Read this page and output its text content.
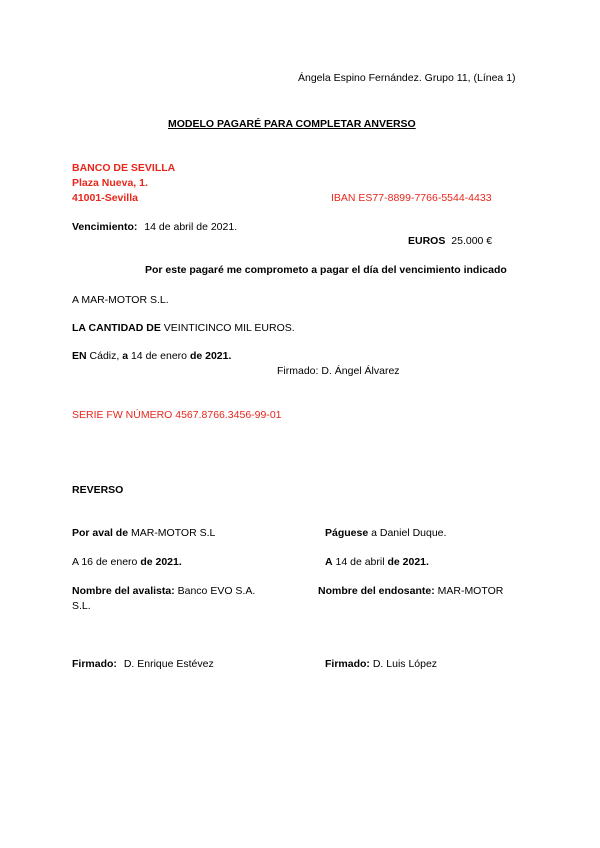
Ángela Espino Fernández. Grupo 11, (Línea 1)
MODELO PAGARÉ PARA COMPLETAR ANVERSO
BANCO DE SEVILLA
Plaza Nueva, 1.
41001-Sevilla	IBAN ES77-8899-7766-5544-4433
Vencimiento: 14 de abril de 2021.
EUROS 25.000 €
Por este pagaré me comprometo a pagar el día del vencimiento indicado
A MAR-MOTOR S.L.
LA CANTIDAD DE VEINTICINCO MIL EUROS.
EN Cádiz, a 14 de enero de 2021.
Firmado: D. Ángel Álvarez
SERIE FW NÚMERO 4567.8766.3456-99-01
REVERSO
Por aval de MAR-MOTOR S.L
A 16 de enero de 2021.
Nombre del avalista: Banco EVO S.A.
S.L.
Firmado: D. Enrique Estévez
Páguese a Daniel Duque.
A 14 de abril de 2021.
Nombre del endosante: MAR-MOTOR
Firmado: D. Luis López
